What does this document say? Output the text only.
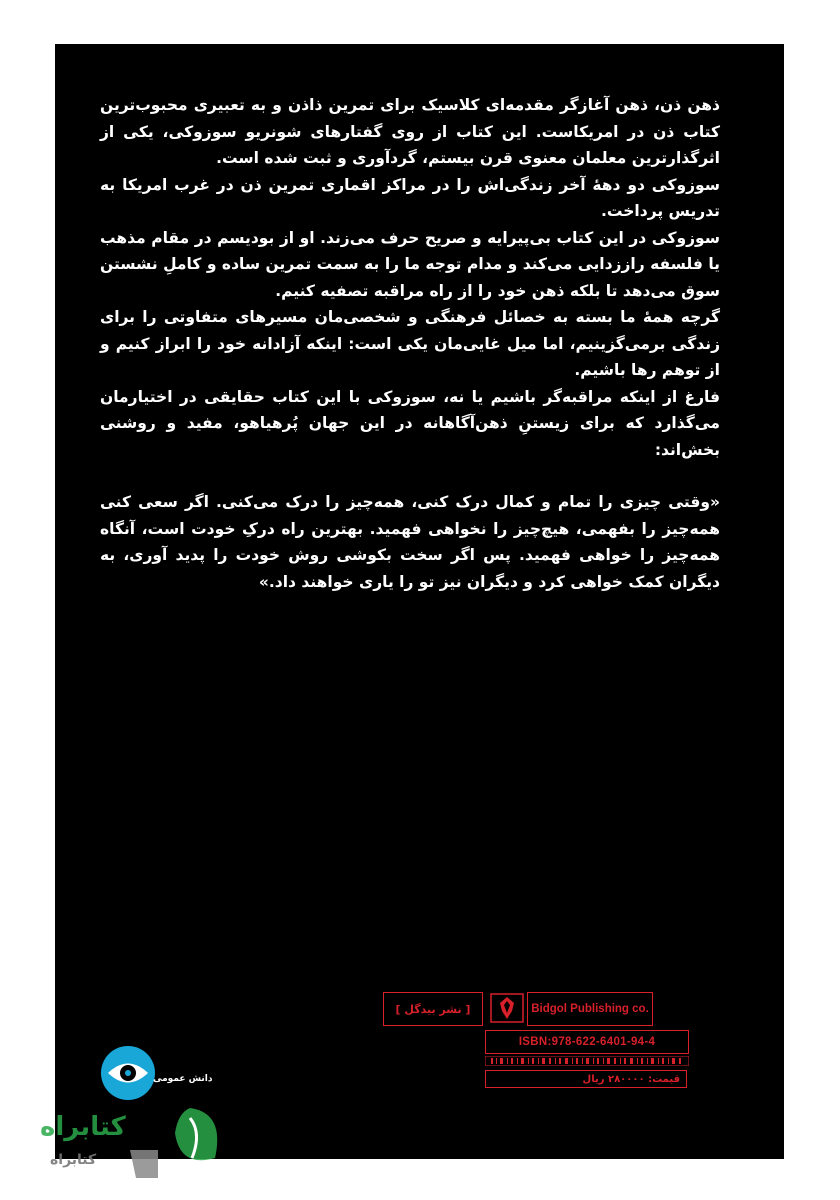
ذهن ذن، ذهن آغازگر مقدمه‌ای کلاسیک برای تمرین ذاذن و به تعبیری محبوب‌ترین کتاب ذن در امریکاست. این کتاب از روی گفتارهای شونریو سوزوکی، یکی از اثرگذارترین معلمان معنوی قرن بیستم، گردآوری و ثبت شده است.

سوزوکی دو دههٔ آخر زندگی‌اش را در مراکز اقماری تمرین ذن در غرب امریکا به تدریس پرداخت.

سوزوکی در این کتاب بی‌پیرایه و صریح حرف می‌زند. او از بودیسم در مقام مذهب یا فلسفه راززدایی می‌کند و مدام توجه ما را به سمت تمرین ساده و کاملِ نشستن سوق می‌دهد تا بلکه ذهن خود را از راه مراقبه تصفیه کنیم.

گرچه همهٔ ما بسته به خصائل فرهنگی و شخصی‌مان مسیرهای متفاوتی را برای زندگی برمی‌گزینیم، اما میل غایی‌مان یکی است: اینکه آزادانه خود را ابراز کنیم و از توهم رها باشیم.

فارغ از اینکه مراقبه‌گر باشیم یا نه، سوزوکی با این کتاب حقایقی در اختیارمان می‌گذارد که برای زیستنِ ذهن‌آگاهانه در این جهان پُرهیاهو، مفید و روشنی بخش‌اند:

«وقتی چیزی را تمام و کمال درک کنی، همه‌چیز را درک می‌کنی. اگر سعی کنی همه‌چیز را بفهمی، هیچ‌چیز را نخواهی فهمید. بهترین راه درکِ خودت است، آنگاه همه‌چیز را خواهی فهمید. پس اگر سخت بکوشی روش خودت را پدید آوری، به دیگران کمک خواهی کرد و دیگران نیز تو را یاری خواهند داد.»

دانش عمومی
[ نشر بیدگل ]	Bidgol Publishing co.
ISBN:978-622-6401-94-4
قیمت: ۲۸۰۰۰۰ ریال
کتابراه
کتابراه
